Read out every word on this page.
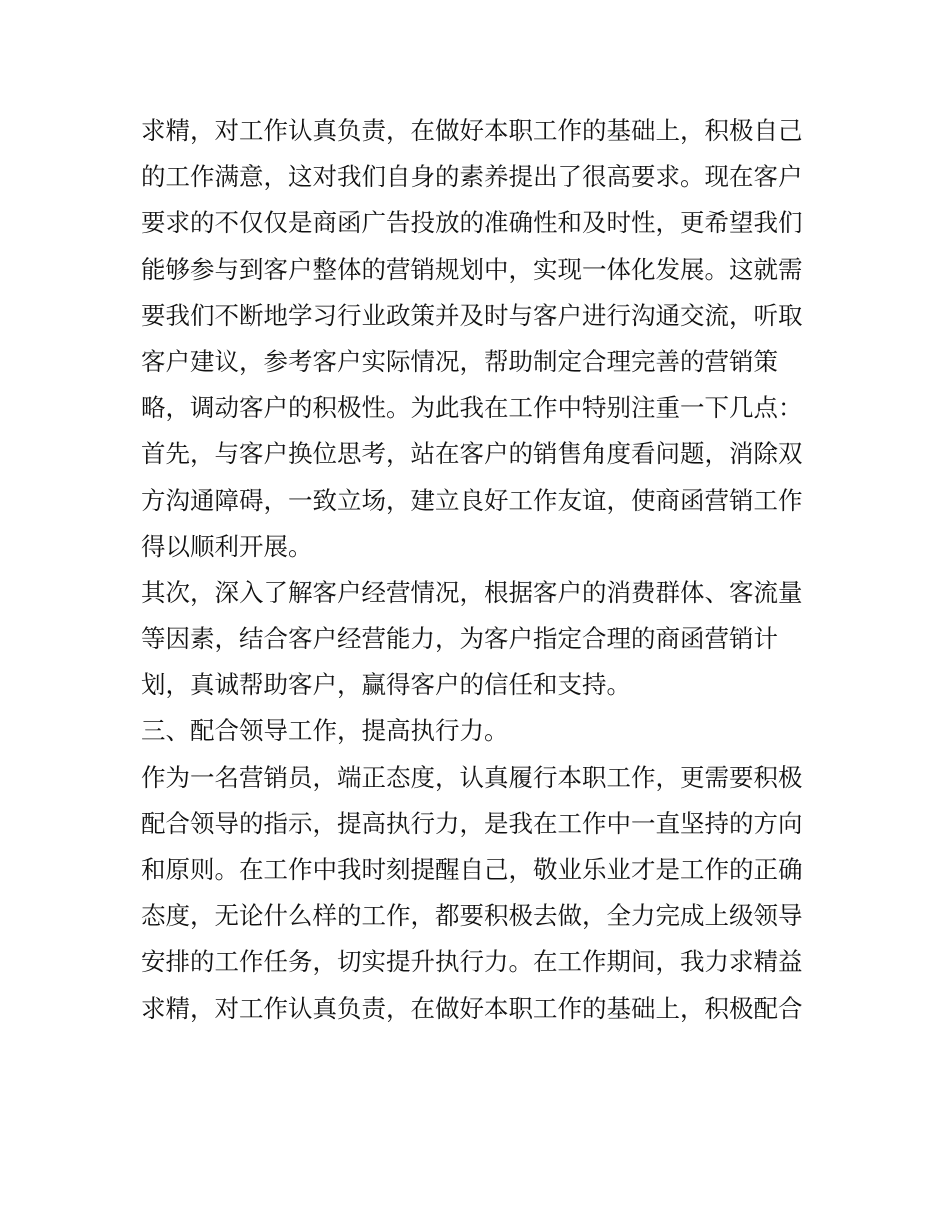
求精，对工作认真负责，在做好本职工作的基础上，积极自己
的工作满意，这对我们自身的素养提出了很高要求。现在客户
要求的不仅仅是商函广告投放的准确性和及时性，更希望我们
能够参与到客户整体的营销规划中，实现一体化发展。这就需
要我们不断地学习行业政策并及时与客户进行沟通交流，听取
客户建议，参考客户实际情况，帮助制定合理完善的营销策
略，调动客户的积极性。为此我在工作中特别注重一下几点：
首先，与客户换位思考，站在客户的销售角度看问题，消除双
方沟通障碍，一致立场，建立良好工作友谊，使商函营销工作
得以顺利开展。
其次，深入了解客户经营情况，根据客户的消费群体、客流量
等因素，结合客户经营能力，为客户指定合理的商函营销计
划，真诚帮助客户，赢得客户的信任和支持。
三、配合领导工作，提高执行力。
作为一名营销员，端正态度，认真履行本职工作，更需要积极
配合领导的指示，提高执行力，是我在工作中一直坚持的方向
和原则。在工作中我时刻提醒自己，敬业乐业才是工作的正确
态度，无论什么样的工作，都要积极去做，全力完成上级领导
安排的工作任务，切实提升执行力。在工作期间，我力求精益
求精，对工作认真负责，在做好本职工作的基础上，积极配合
